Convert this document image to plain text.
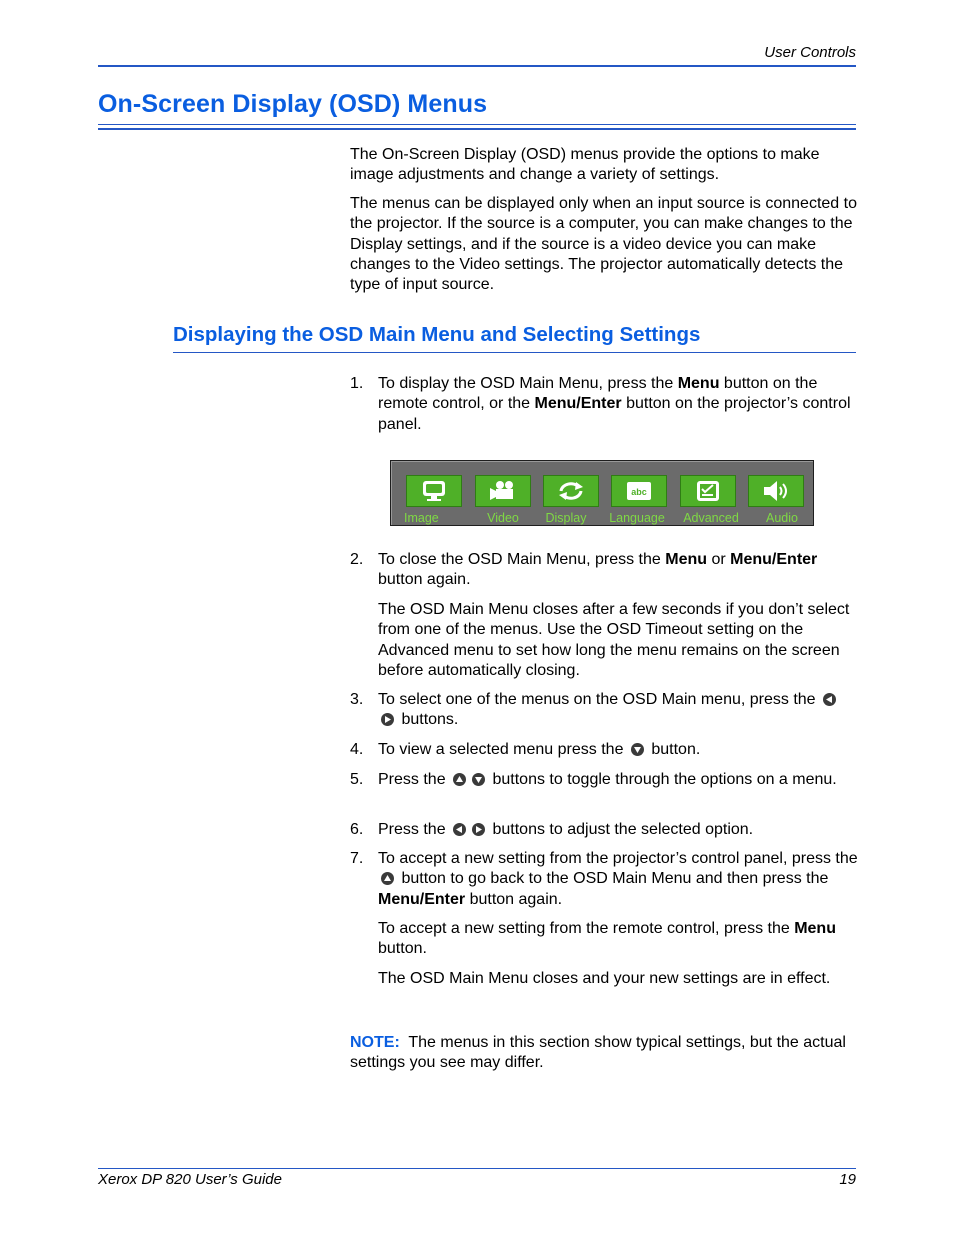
User Controls
On-Screen Display (OSD) Menus
The On-Screen Display (OSD) menus provide the options to make image adjustments and change a variety of settings.
The menus can be displayed only when an input source is connected to the projector. If the source is a computer, you can make changes to the Display settings, and if the source is a video device you can make changes to the Video settings. The projector automatically detects the type of input source.
Displaying the OSD Main Menu and Selecting Settings
1. To display the OSD Main Menu, press the Menu button on the remote control, or the Menu/Enter button on the projector’s control panel.
abc
Image	Video	Display	Language	Advanced	Audio
2. To close the OSD Main Menu, press the Menu or Menu/Enter button again.
The OSD Main Menu closes after a few seconds if you don’t select from one of the menus. Use the OSD Timeout setting on the Advanced menu to set how long the menu remains on the screen before automatically closing.
3. To select one of the menus on the OSD Main menu, press the
buttons.
4. To view a selected menu press the
button.
5. Press the	buttons to toggle through the options on a menu.
6. Press the	buttons to adjust the selected option.
7. To accept a new setting from the projector’s control panel, press the
button to go back to the OSD Main Menu and then press the Menu/Enter button again.
To accept a new setting from the remote control, press the Menu button.
The OSD Main Menu closes and your new settings are in effect.
NOTE:  The menus in this section show typical settings, but the actual settings you see may differ.
Xerox DP 820 User’s Guide	19
